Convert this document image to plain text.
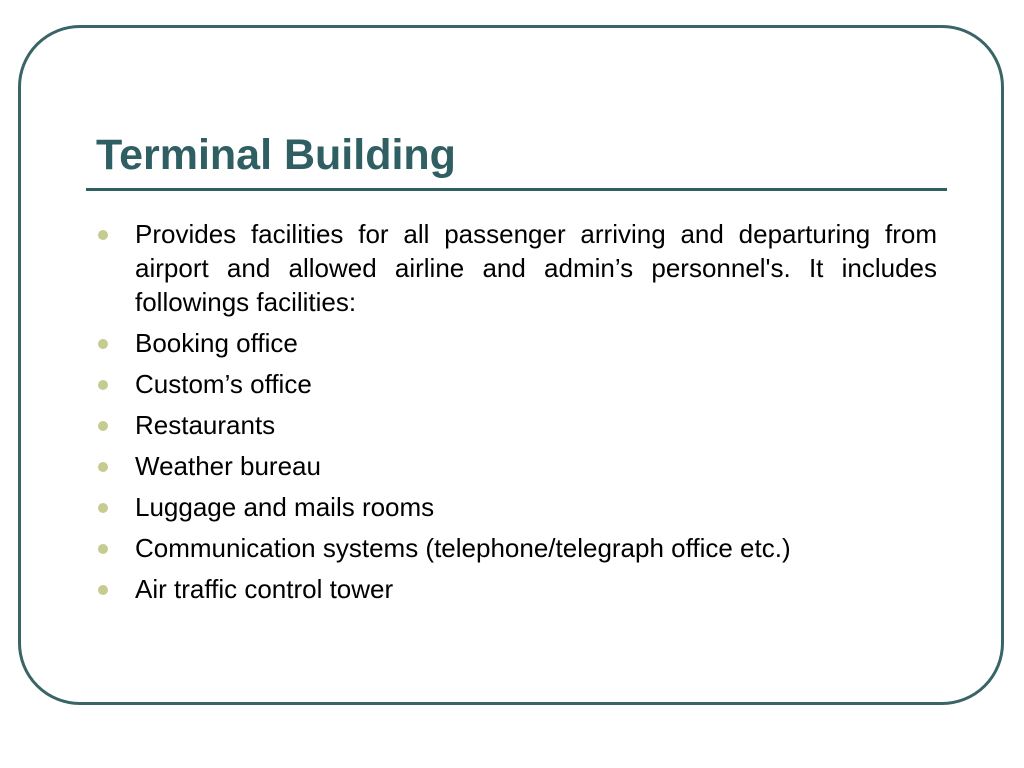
Terminal Building
Provides facilities for all passenger arriving and departuring from airport and allowed airline and admin’s personnel's. It includes followings facilities:
Booking office
Custom’s office
Restaurants
Weather bureau
Luggage and mails rooms
Communication systems (telephone/telegraph office etc.)
Air traffic control tower
